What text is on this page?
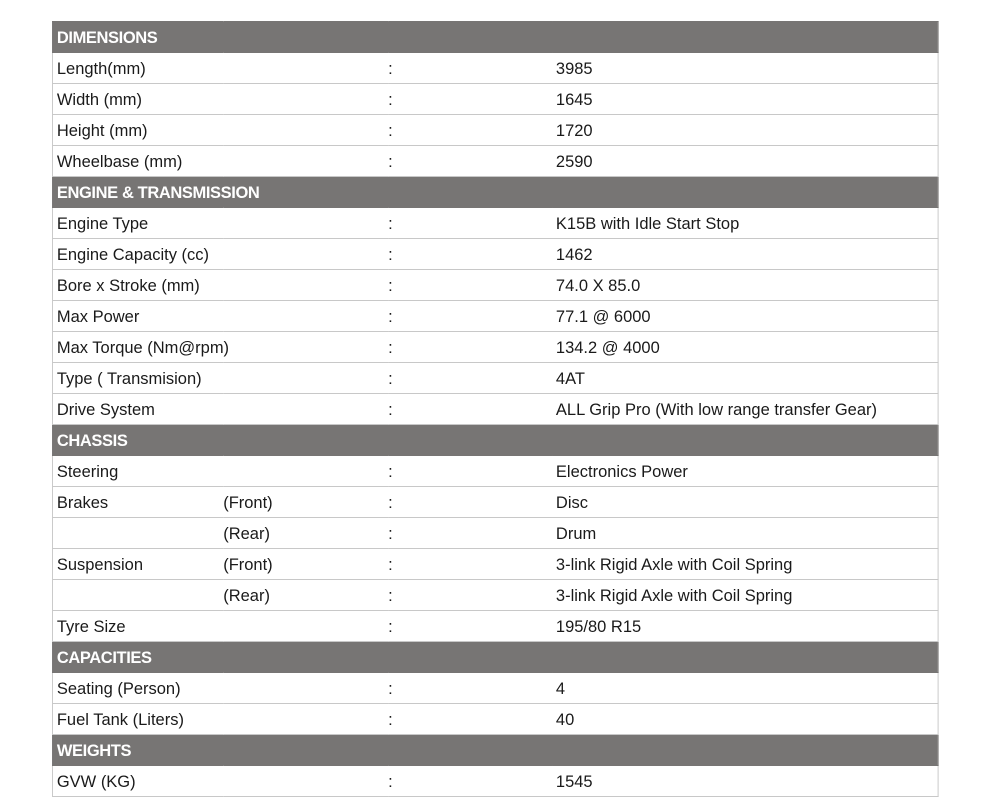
DIMENSIONS			
Length(mm)		:	3985
Width (mm)		:	1645
Height (mm)		:	1720
Wheelbase (mm)		:	2590
ENGINE & TRANSMISSION			
Engine Type		:	K15B with Idle Start Stop
Engine Capacity (cc)		:	1462
Bore x Stroke (mm)		:	74.0 X 85.0
Max Power		:	77.1 @ 6000
Max Torque (Nm@rpm)		:	134.2 @ 4000
Type ( Transmision)		:	4AT
Drive System		:	ALL Grip Pro (With low range transfer Gear)
CHASSIS			
Steering		:	Electronics Power
Brakes	(Front)	:	Disc
	(Rear)	:	Drum
Suspension	(Front)	:	3-link Rigid Axle with Coil Spring
	(Rear)	:	3-link Rigid Axle with Coil Spring
Tyre Size		:	195/80 R15
CAPACITIES			
Seating (Person)		:	4
Fuel Tank (Liters)		:	40
WEIGHTS			
GVW (KG)		:	1545
